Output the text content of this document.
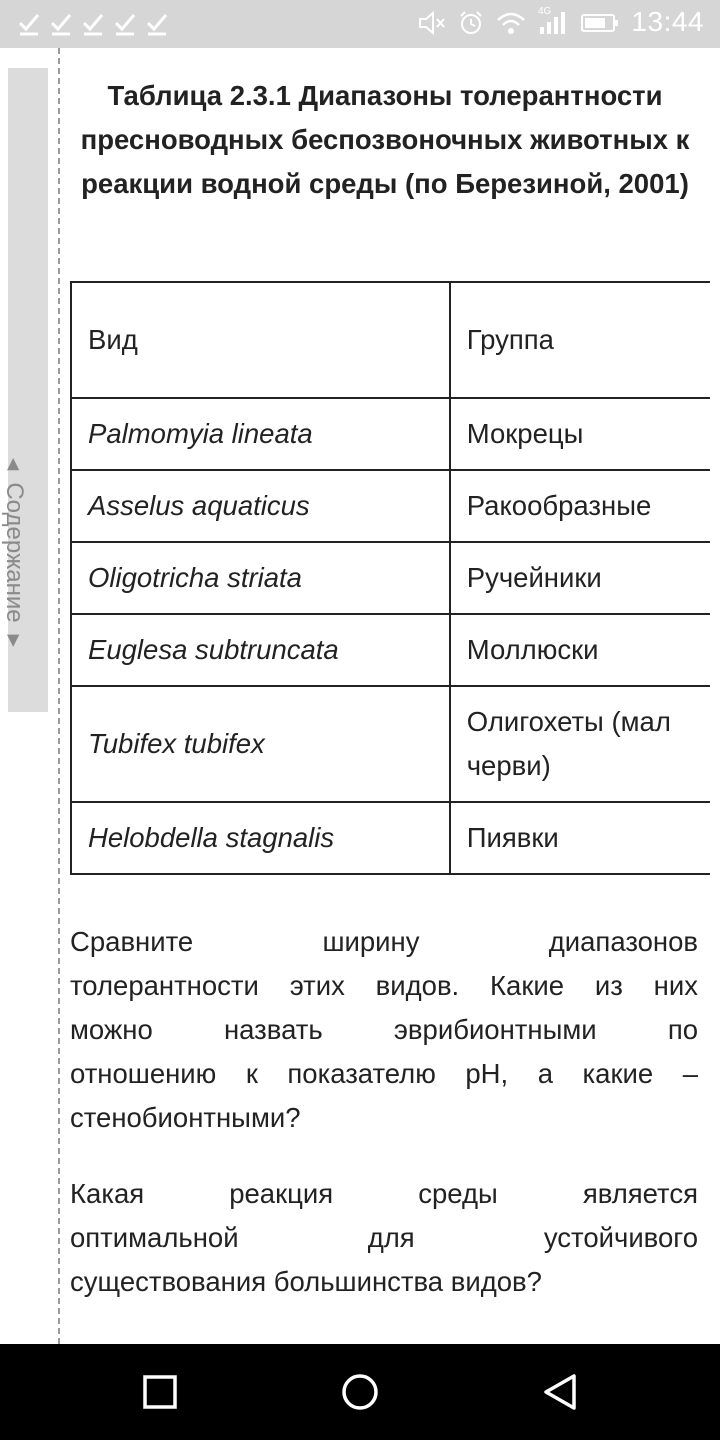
4G	13:44
◀
Содержание
▶
Таблица 2.3.1 Диапазоны толерантности пресноводных беспозвоночных животных к реакции водной среды (по Березиной, 2001)
Вид	Группа
Palmomyia lineata	Мокрецы
Asselus aquaticus	Ракообразные
Oligotricha striata	Ручейники
Euglesa subtruncata	Моллюски
Tubifex tubifex	Олигохеты (мал
черви)

Helobdella stagnalis	Пиявки
Сравните	ширину	диапазонов
толерантности этих видов. Какие из них
можно	назвать	эврибионтными	по
отношению к показателю pH, а какие –
стенобионтными?
Какая	реакция	среды	является
оптимальной	для	устойчивого
существования большинства видов?
